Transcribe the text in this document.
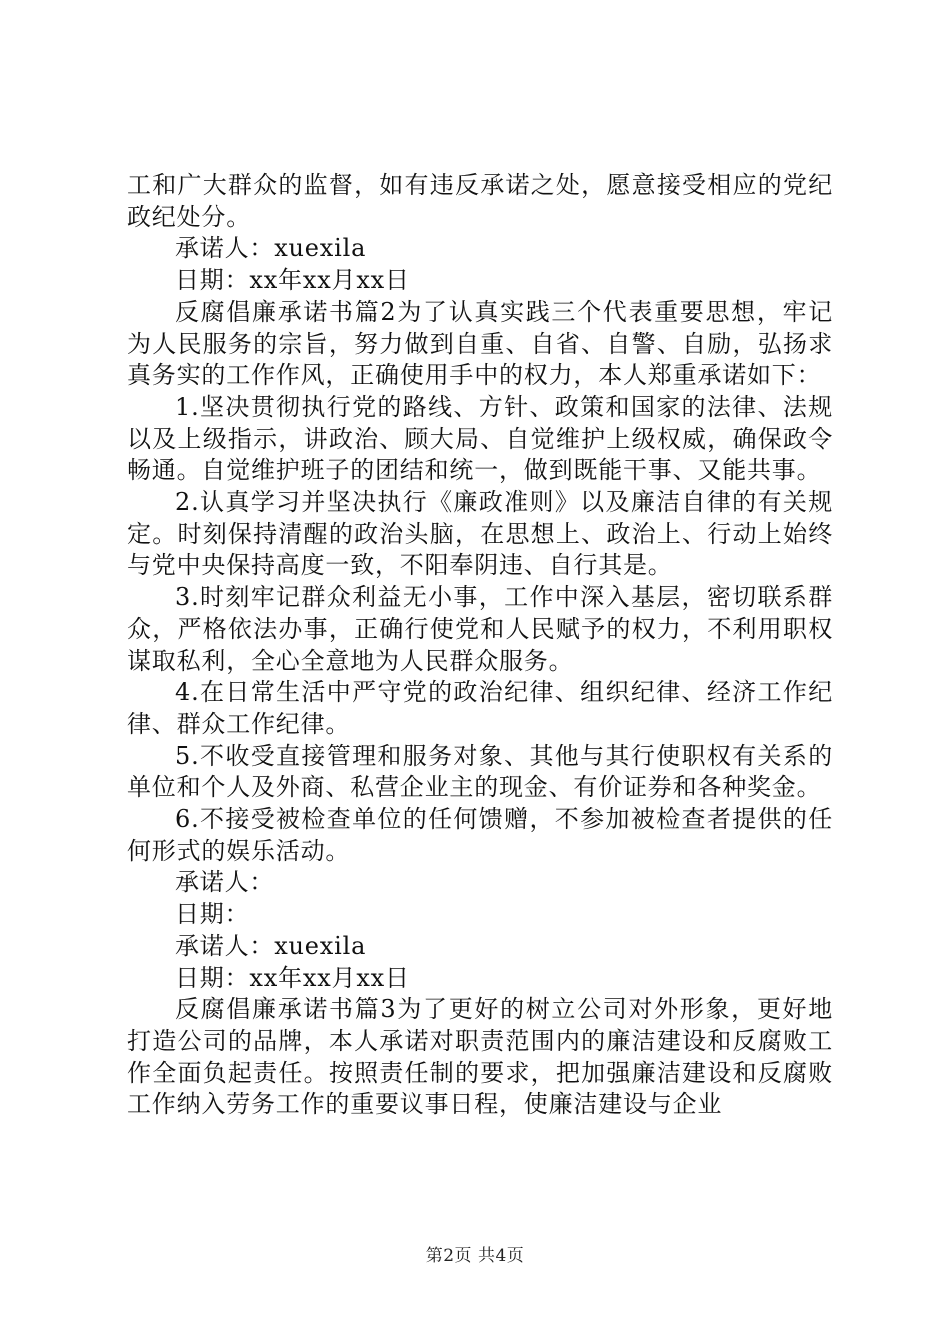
工和广大群众的监督，如有违反承诺之处，愿意接受相应的党纪政纪处分。

承诺人：xuexila

日期：xx年xx月xx日

反腐倡廉承诺书篇2为了认真实践三个代表重要思想，牢记为人民服务的宗旨，努力做到自重、自省、自警、自励，弘扬求真务实的工作作风，正确使用手中的权力，本人郑重承诺如下：

1.坚决贯彻执行党的路线、方针、政策和国家的法律、法规以及上级指示，讲政治、顾大局、自觉维护上级权威，确保政令畅通。自觉维护班子的团结和统一，做到既能干事、又能共事。

2.认真学习并坚决执行《廉政准则》以及廉洁自律的有关规定。时刻保持清醒的政治头脑，在思想上、政治上、行动上始终与党中央保持高度一致，不阳奉阴违、自行其是。

3.时刻牢记群众利益无小事，工作中深入基层，密切联系群众，严格依法办事，正确行使党和人民赋予的权力，不利用职权谋取私利，全心全意地为人民群众服务。

4.在日常生活中严守党的政治纪律、组织纪律、经济工作纪律、群众工作纪律。

5.不收受直接管理和服务对象、其他与其行使职权有关系的单位和个人及外商、私营企业主的现金、有价证券和各种奖金。

6.不接受被检查单位的任何馈赠，不参加被检查者提供的任何形式的娱乐活动。

承诺人：

日期：

承诺人：xuexila

日期：xx年xx月xx日

反腐倡廉承诺书篇3为了更好的树立公司对外形象，更好地打造公司的品牌，本人承诺对职责范围内的廉洁建设和反腐败工作全面负起责任。按照责任制的要求，把加强廉洁建设和反腐败工作纳入劳务工作的重要议事日程，使廉洁建设与企业

第2页 共4页
